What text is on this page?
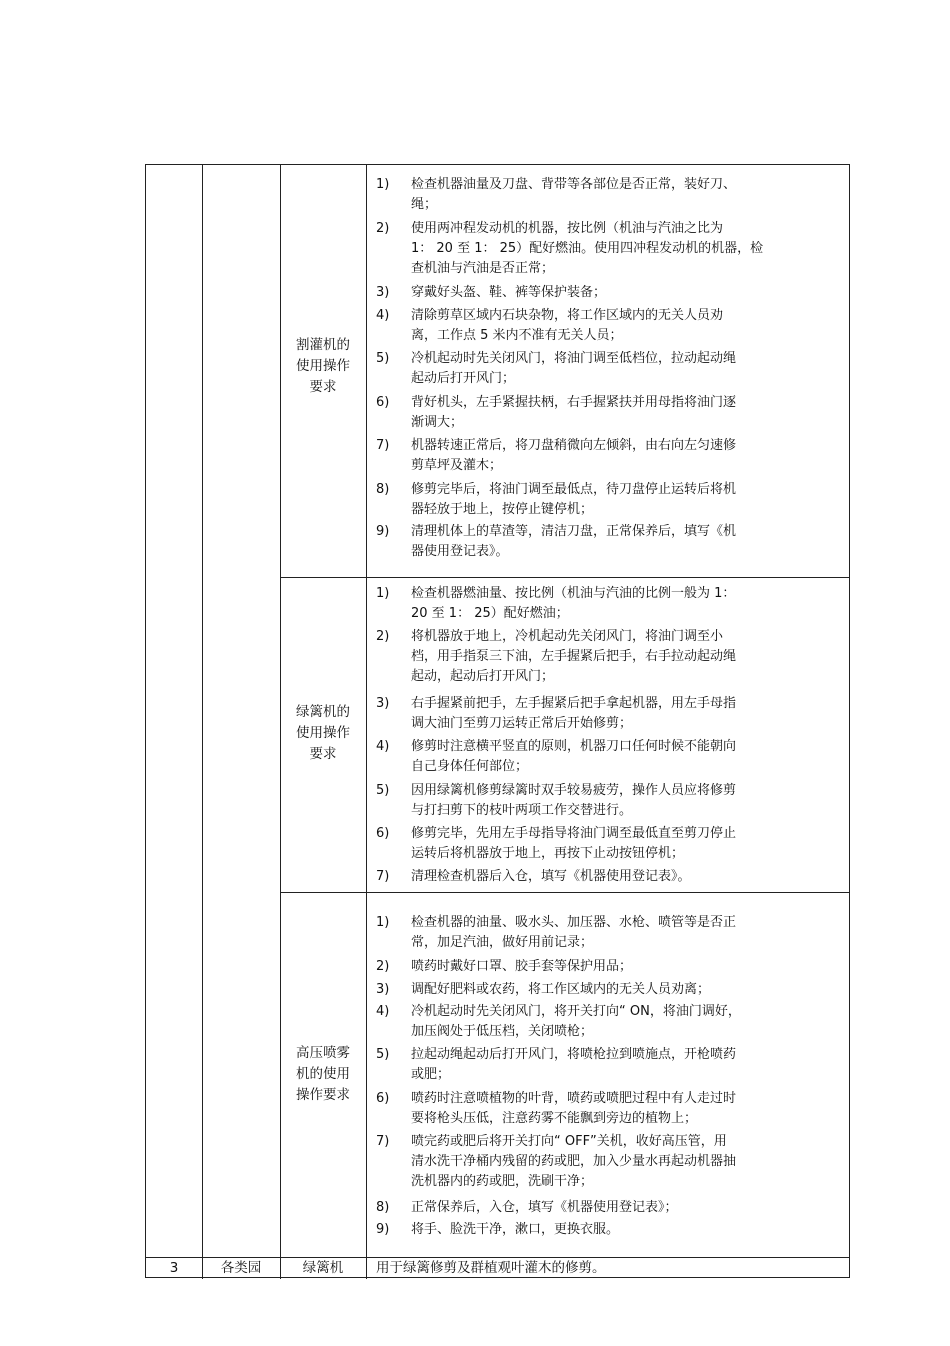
割灌机的
使用操作
要求
1)	检查机器油量及刀盘、背带等各部位是否正常，装好刀、
绳；
2)	使用两冲程发动机的机器，按比例（机油与汽油之比为
1： 20 至 1： 25）配好燃油。使用四冲程发动机的机器，检
查机油与汽油是否正常；
3)	穿戴好头盔、鞋、裤等保护装备；
4)	清除剪草区域内石块杂物，将工作区域内的无关人员劝
离，工作点 5 米内不准有无关人员；
5)	冷机起动时先关闭风门，将油门调至低档位，拉动起动绳
起动后打开风门；
6)	背好机头，左手紧握扶柄，右手握紧扶并用母指将油门逐
渐调大；
7)	机器转速正常后，将刀盘稍微向左倾斜，由右向左匀速修
剪草坪及灌木；
8)	修剪完毕后，将油门调至最低点，待刀盘停止运转后将机
器轻放于地上，按停止键停机；
9)	清理机体上的草渣等，清洁刀盘，正常保养后，填写《机
器使用登记表》。
绿篱机的
使用操作
要求
1)	检查机器燃油量、按比例（机油与汽油的比例一般为 1：
20 至 1： 25）配好燃油；
2)	将机器放于地上，冷机起动先关闭风门，将油门调至小
档，用手指泵三下油，左手握紧后把手，右手拉动起动绳
起动，起动后打开风门；
3)	右手握紧前把手，左手握紧后把手拿起机器，用左手母指
调大油门至剪刀运转正常后开始修剪；
4)	修剪时注意横平竖直的原则，机器刀口任何时候不能朝向
自己身体任何部位；
5)	因用绿篱机修剪绿篱时双手较易疲劳，操作人员应将修剪
与打扫剪下的枝叶两项工作交替进行。
6)	修剪完毕，先用左手母指导将油门调至最低直至剪刀停止
运转后将机器放于地上，再按下止动按钮停机；
7)	清理检查机器后入仓，填写《机器使用登记表》。
高压喷雾
机的使用
操作要求
1)	检查机器的油量、吸水头、加压器、水枪、喷管等是否正
常，加足汽油，做好用前记录；
2)	喷药时戴好口罩、胶手套等保护用品；
3)	调配好肥料或农药，将工作区域内的无关人员劝离；
4)	冷机起动时先关闭风门，将开关打向“ ON，将油门调好，
加压阀处于低压档，关闭喷枪；
5)	拉起动绳起动后打开风门，将喷枪拉到喷施点，开枪喷药
或肥；
6)	喷药时注意喷植物的叶背，喷药或喷肥过程中有人走过时
要将枪头压低，注意药雾不能飘到旁边的植物上；
7)	喷完药或肥后将开关打向“ OFF”关机，收好高压管，用
清水洗干净桶内残留的药或肥，加入少量水再起动机器抽
洗机器内的药或肥，洗刷干净；
8)	正常保养后，入仓，填写《机器使用登记表》；
9)	将手、脸洗干净，漱口，更换衣服。
3	各类园	绿篱机	用于绿篱修剪及群植观叶灌木的修剪。
